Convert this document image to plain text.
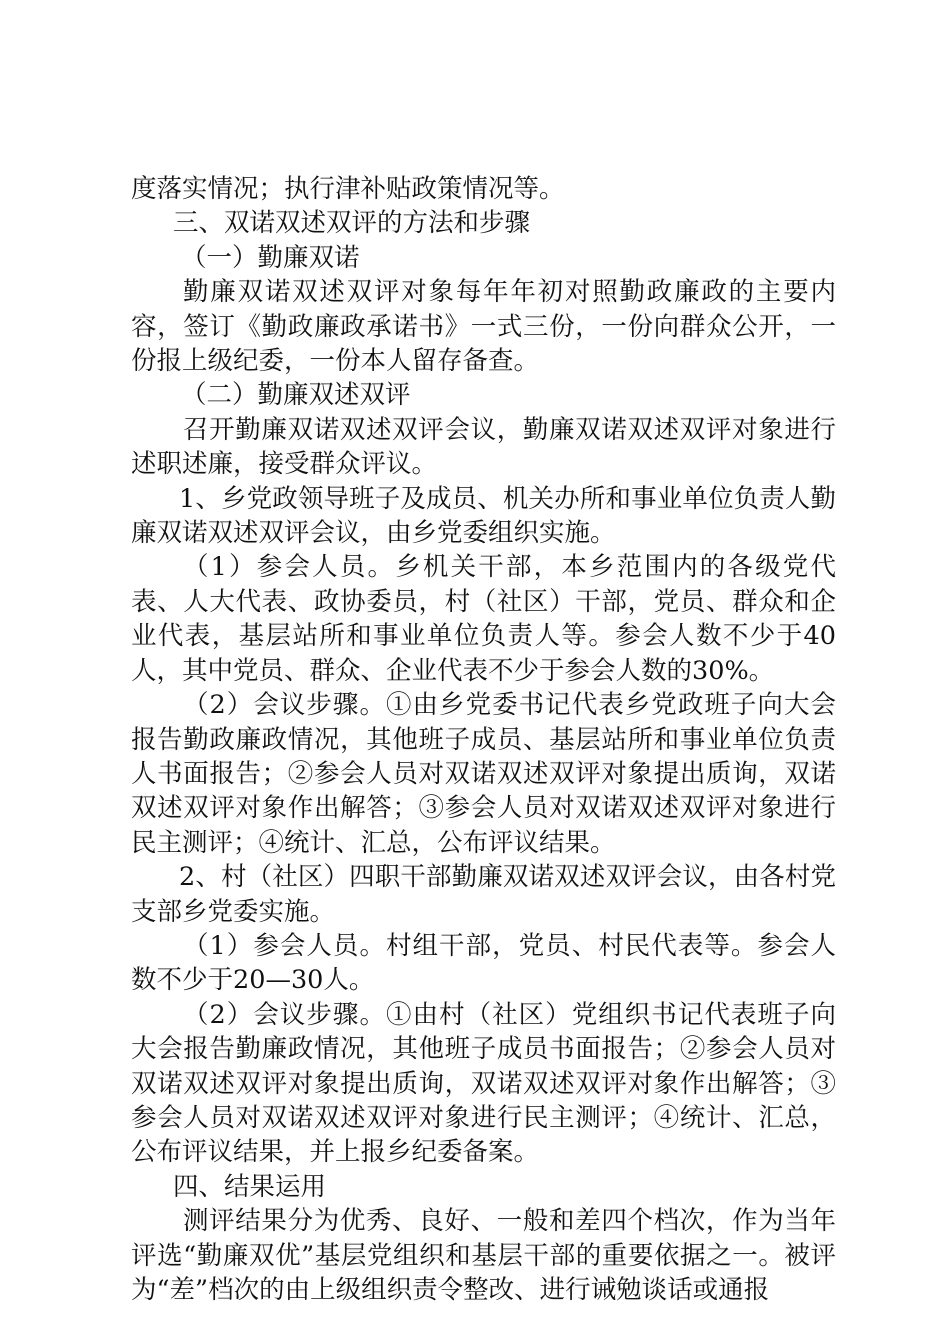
度落实情况；执行津补贴政策情况等。

三、双诺双述双评的方法和步骤

（一）勤廉双诺

勤廉双诺双述双评对象每年年初对照勤政廉政的主要内容，签订《勤政廉政承诺书》一式三份，一份向群众公开，一份报上级纪委，一份本人留存备查。

（二）勤廉双述双评

召开勤廉双诺双述双评会议，勤廉双诺双述双评对象进行述职述廉，接受群众评议。

1、乡党政领导班子及成员、机关办所和事业单位负责人勤廉双诺双述双评会议，由乡党委组织实施。

（1）参会人员。乡机关干部，本乡范围内的各级党代表、人大代表、政协委员，村（社区）干部，党员、群众和企业代表，基层站所和事业单位负责人等。参会人数不少于40人，其中党员、群众、企业代表不少于参会人数的30%。

（2）会议步骤。①由乡党委书记代表乡党政班子向大会报告勤政廉政情况，其他班子成员、基层站所和事业单位负责人书面报告；②参会人员对双诺双述双评对象提出质询，双诺双述双评对象作出解答；③参会人员对双诺双述双评对象进行民主测评；④统计、汇总，公布评议结果。

2、村（社区）四职干部勤廉双诺双述双评会议，由各村党支部乡党委实施。

（1）参会人员。村组干部，党员、村民代表等。参会人数不少于20—30人。

（2）会议步骤。①由村（社区）党组织书记代表班子向大会报告勤廉政情况，其他班子成员书面报告；②参会人员对双诺双述双评对象提出质询，双诺双述双评对象作出解答；③参会人员对双诺双述双评对象进行民主测评；④统计、汇总，公布评议结果，并上报乡纪委备案。

四、结果运用

测评结果分为优秀、良好、一般和差四个档次，作为当年评选“勤廉双优”基层党组织和基层干部的重要依据之一。被评为“差”档次的由上级组织责令整改、进行诫勉谈话或通报
